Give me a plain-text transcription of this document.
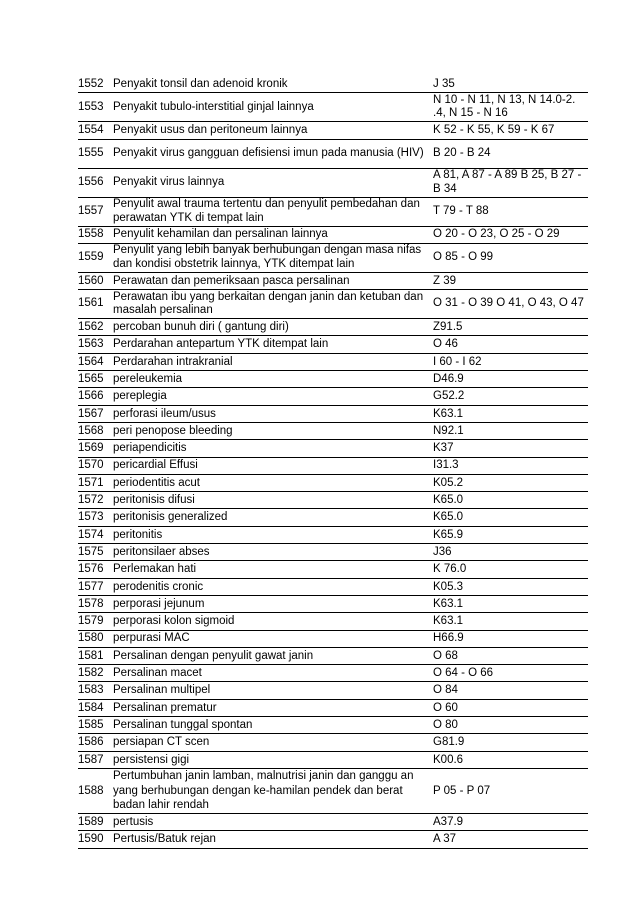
1552	Penyakit tonsil dan adenoid kronik	J 35
1553	Penyakit tubulo-interstitial ginjal lainnya	N 10 - N 11, N 13, N 14.0-2. .4, N 15 - N 16
1554	Penyakit usus dan peritoneum lainnya	K 52 - K 55, K 59 - K 67
1555	Penyakit virus gangguan defisiensi imun pada manusia (HIV)	B 20 - B 24
1556	Penyakit virus lainnya	A 81, A 87 - A 89 B 25, B 27 - B 34
1557	Penyulit awal trauma tertentu dan penyulit pembedahan dan perawatan YTK di tempat lain	T 79 - T 88
1558	Penyulit kehamilan dan persalinan lainnya	O 20 - O 23, O 25 - O 29
1559	Penyulit yang lebih banyak berhubungan dengan masa nifas dan kondisi obstetrik lainnya, YTK ditempat lain	O 85 - O 99
1560	Perawatan dan pemeriksaan pasca persalinan	Z 39
1561	Perawatan ibu yang berkaitan dengan janin dan ketuban dan masalah persalinan	O 31 - O 39 O 41, O 43, O 47
1562	percoban bunuh diri ( gantung diri)	Z91.5
1563	Perdarahan antepartum YTK ditempat lain	O 46
1564	Perdarahan intrakranial	I 60 - I 62
1565	pereleukemia	D46.9
1566	pereplegia	G52.2
1567	perforasi ileum/usus	K63.1
1568	peri penopose bleeding	N92.1
1569	periapendicitis	K37
1570	pericardial Effusi	I31.3
1571	periodentitis acut	K05.2
1572	peritonisis difusi	K65.0
1573	peritonisis generalized	K65.0
1574	peritonitis	K65.9
1575	peritonsilaer abses	J36
1576	Perlemakan hati	K 76.0
1577	perodenitis cronic	K05.3
1578	perporasi jejunum	K63.1
1579	perporasi kolon sigmoid	K63.1
1580	perpurasi MAC	H66.9
1581	Persalinan dengan penyulit gawat janin	O 68
1582	Persalinan macet	O 64 - O 66
1583	Persalinan multipel	O 84
1584	Persalinan prematur	O 60
1585	Persalinan tunggal spontan	O 80
1586	persiapan CT scen	G81.9
1587	persistensi gigi	K00.6
1588	Pertumbuhan janin lamban, malnutrisi janin dan ganggu an yang berhubungan dengan ke-hamilan pendek dan berat badan lahir rendah	P 05 - P 07
1589	pertusis	A37.9
1590	Pertusis/Batuk rejan	A 37
